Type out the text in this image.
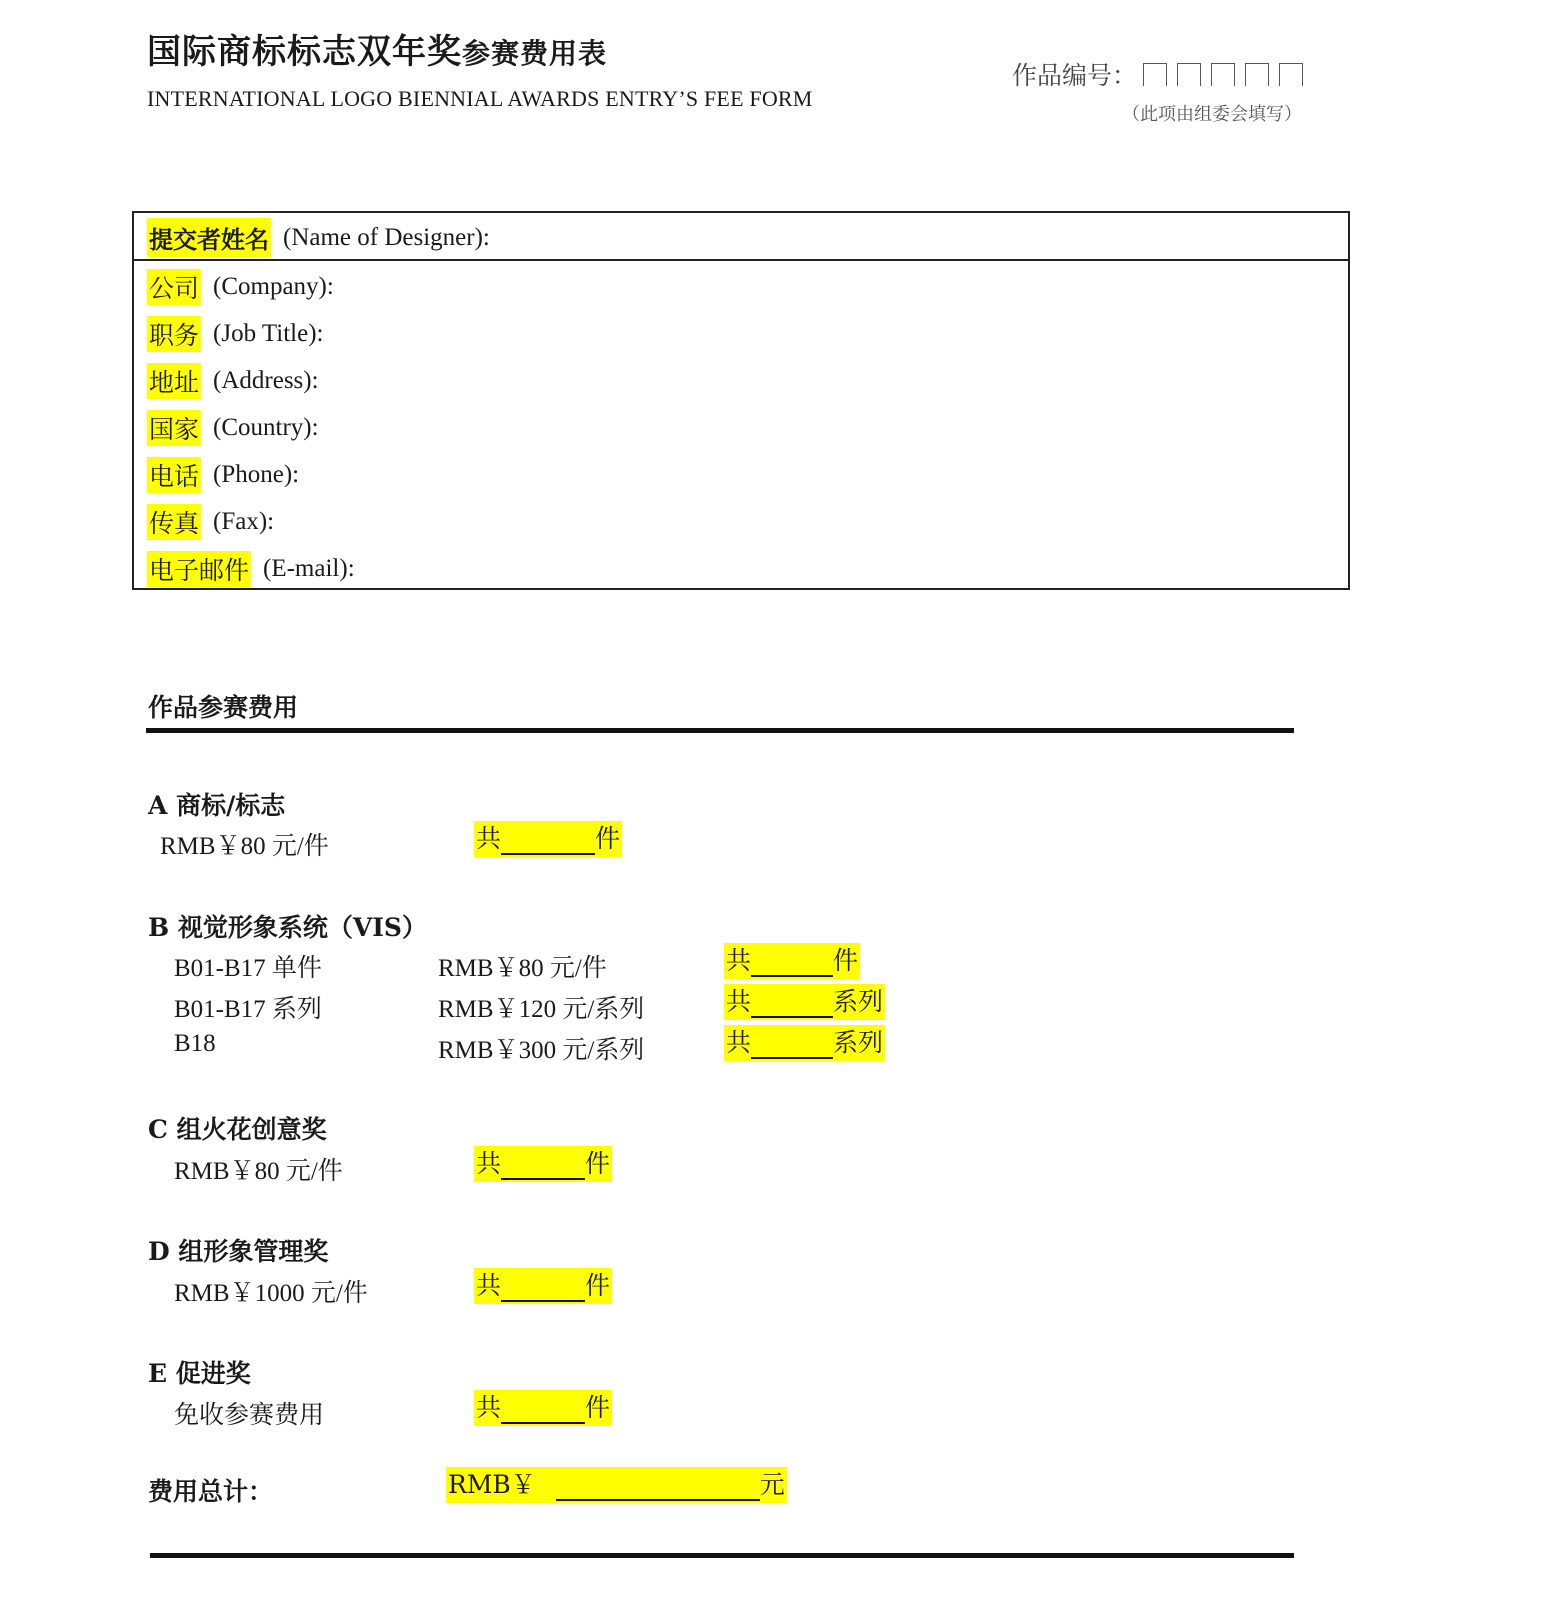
国际商标标志双年奖参赛费用表
INTERNATIONAL LOGO BIENNIAL AWARDS ENTRY’S FEE FORM
作品编号：
（此项由组委会填写）
提交者姓名 (Name of Designer):
公司 (Company):
职务 (Job Title):
地址 (Address):
国家 (Country):
电话 (Phone):
传真 (Fax):
电子邮件 (E-mail):
作品参赛费用
A 商标/标志
RMB￥80 元/件	共	件
B 视觉形象系统（VIS）
B01-B17 单件	RMB￥80 元/件	共	件
B01-B17 系列	RMB￥120 元/系列	共	系列
B18	RMB￥300 元/系列	共	系列
C 组火花创意奖
RMB￥80 元/件	共	件
D 组形象管理奖
RMB￥1000 元/件	共	件
E 促进奖
免收参赛费用	共	件
费用总计：	RMB￥	元
